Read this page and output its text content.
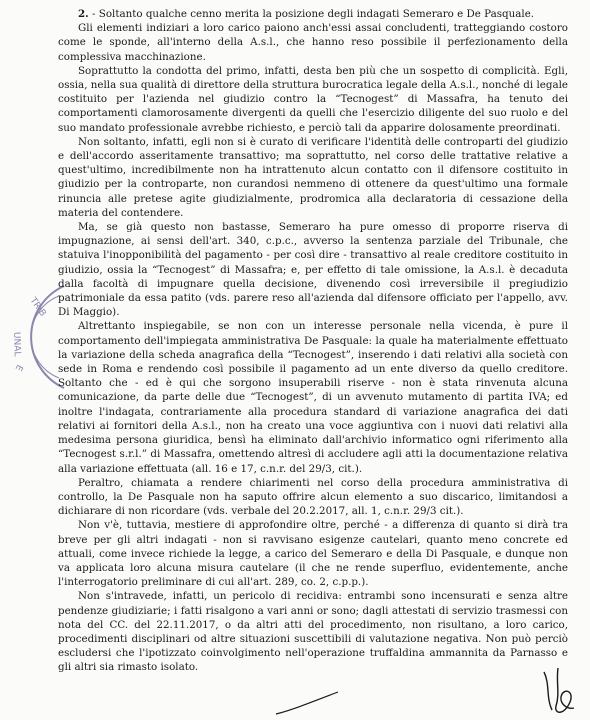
TRIB
UNAL
E

2. - Soltanto qualche cenno merita la posizione degli indagati Semerаro e De Pasquale.

Gli elementi indiziari a loro carico paiono anch'essi assai concludenti, tratteggiando costoro come le sponde, all'interno della A.s.l., che hanno reso possibile il perfezionamento della complessiva macchinazione.

Soprattutto la condotta del primo, infatti, desta ben più che un sospetto di complicità. Egli, ossia, nella sua qualità di direttore della struttura burocratica legale della A.s.l., nonché di legale costituito per l'azienda nel giudizio contro la “Tecnogest” di Massafra, ha tenuto dei comportamenti clamorosamente divergenti da quelli che l'esercizio diligente del suo ruolo e del suo mandato professionale avrebbe richiesto, e perciò tali da apparire dolosamente preordinati.

Non soltanto, infatti, egli non si è curato di verificare l'identità delle controparti del giudizio e dell'accordo asseritamente transattivo; ma soprattutto, nel corso delle trattative relative a quest'ultimo, incredibilmente non ha intrattenuto alcun contatto con il difensore costituito in giudizio per la controparte, non curandosi nemmeno di ottenere da quest'ultimo una formale rinuncia alle pretese agite giudizialmente, prodromica alla declaratoria di cessazione della materia del contendere.

Ma, se già questo non bastasse, Semeraro ha pure omesso di proporre riserva di impugnazione, ai sensi dell'art. 340, c.p.c., avverso la sentenza parziale del Tribunale, che statuiva l'inopponibilità del pagamento - per così dire - transattivo al reale creditore costituito in giudizio, ossia la “Tecnogest” di Massafra; e, per effetto di tale omissione, la A.s.l. è decaduta dalla facoltà di impugnare quella decisione, divenendo così irreversibile il pregiudizio patrimoniale da essa patito (vds. parere reso all'azienda dal difensore officiato per l'appello, avv. Di Maggio).

Altrettanto inspiegabile, se non con un interesse personale nella vicenda, è pure il comportamento dell'impiegata amministrativa De Pasquale: la quale ha materialmente effettuato la variazione della scheda anagrafica della “Tecnogest”, inserendo i dati relativi alla società con sede in Roma e rendendo così possibile il pagamento ad un ente diverso da quello creditore. Soltanto che - ed è qui che sorgono insuperabili riserve - non è stata rinvenuta alcuna comunicazione, da parte delle due “Tecnogest”, di un avvenuto mutamento di partita IVA; ed inoltre l'indagata, contrariamente alla procedura standard di variazione anagrafica dei dati relativi ai fornitori della A.s.l., non ha creato una voce aggiuntiva con i nuovi dati relativi alla medesima persona giuridica, bensì ha eliminato dall'archivio informatico ogni riferimento alla “Tecnogest s.r.l.” di Massafra, omettendo altresì di accludere agli atti la documentazione relativa alla variazione effettuata (all. 16 e 17, c.n.r. del 29/3, cit.).

Peraltro, chiamata a rendere chiarimenti nel corso della procedura amministrativa di controllo, la De Pasquale non ha saputo offrire alcun elemento a suo discarico, limitandosi a dichiarare di non ricordare (vds. verbale del 20.2.2017, all. 1, c.n.r. 29/3 cit.).

Non v'è, tuttavia, mestiere di approfondire oltre, perché - a differenza di quanto si dirà tra breve per gli altri indagati - non si ravvisano esigenze cautelari, quanto meno concrete ed attuali, come invece richiede la legge, a carico del Semeraro e della Di Pasquale, e dunque non va applicata loro alcuna misura cautelare (il che ne rende superfluo, evidentemente, anche l'interrogatorio preliminare di cui all'art. 289, co. 2, c.p.p.).

Non s'intravede, infatti, un pericolo di recidiva: entrambi sono incensurati e senza altre pendenze giudiziarie; i fatti risalgono a vari anni or sono; dagli attestati di servizio trasmessi con nota del CC. del 22.11.2017, o da altri atti del procedimento, non risultano, a loro carico, procedimenti disciplinari od altre situazioni suscettibili di valutazione negativa. Non può perciò escludersi che l'ipotizzato coinvolgimento nell'operazione truffaldina ammannita da Parnasso e gli altri sia rimasto isolato.
